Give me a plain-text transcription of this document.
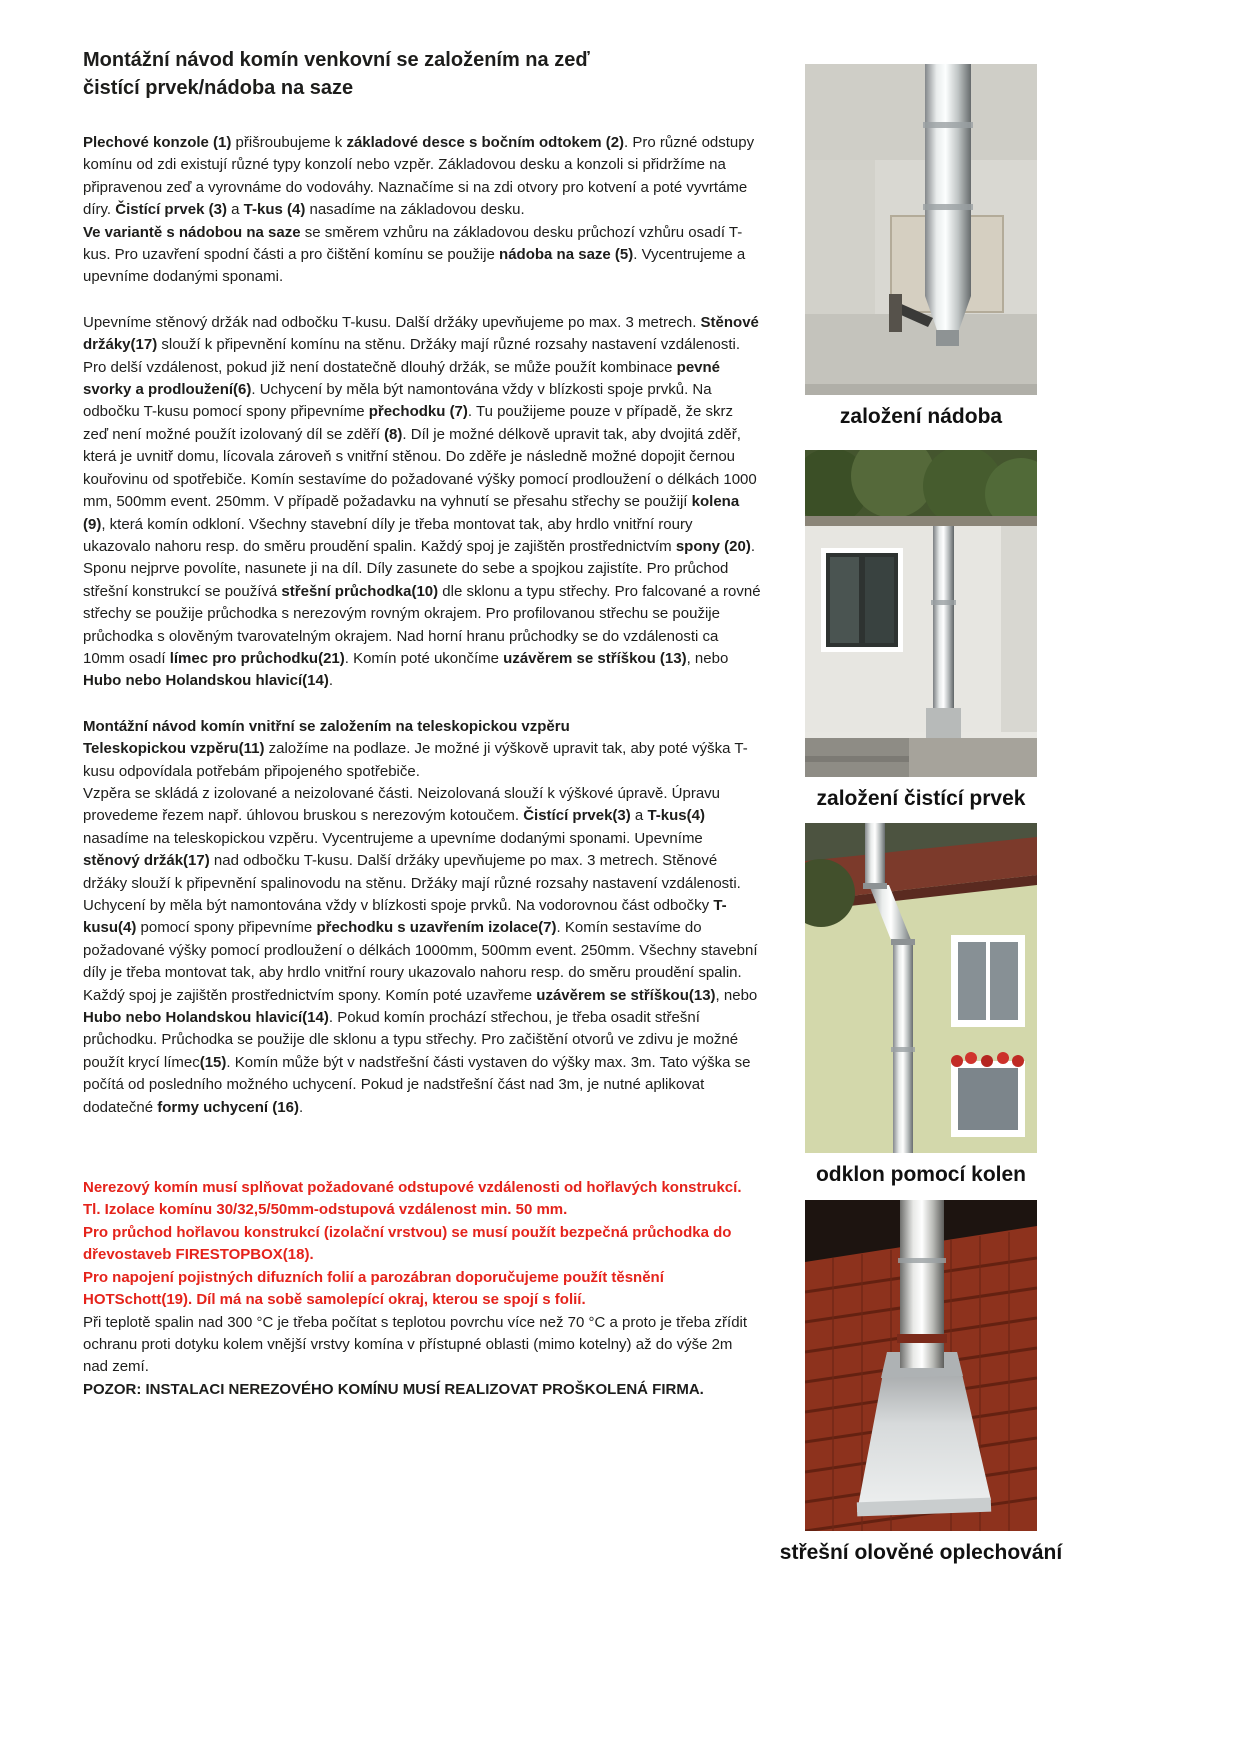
Montážní návod komín venkovní se založením na zeď
čistící prvek/nádoba na saze

Plechové konzole (1) přišroubujeme k základové desce s bočním odtokem (2). Pro různé odstupy komínu od zdi existují různé typy konzolí nebo vzpěr. Základovou desku a konzoli si přidržíme na připravenou zeď a vyrovnáme do vodováhy. Naznačíme si na zdi otvory pro kotvení a poté vyvrtáme díry. Čistící prvek (3) a T-kus (4) nasadíme na základovou desku.
Ve variantě s nádobou na saze se směrem vzhůru na základovou desku průchozí vzhůru osadí T-kus. Pro uzavření spodní části a pro čištění komínu se použije nádoba na saze (5). Vycentrujeme a upevníme dodanými sponami.

Upevníme stěnový držák nad odbočku T-kusu. Další držáky upevňujeme po max. 3 metrech. Stěnové držáky(17) slouží k připevnění komínu na stěnu. Držáky mají různé rozsahy nastavení vzdálenosti. Pro delší vzdálenost, pokud již není dostatečně dlouhý držák, se může použít kombinace pevné svorky a prodloužení(6). Uchycení by měla být namontována vždy v blízkosti spoje prvků. Na odbočku T-kusu pomocí spony připevníme přechodku (7). Tu použijeme pouze v případě, že skrz zeď není možné použít izolovaný díl se zděří (8). Díl je možné délkově upravit tak, aby dvojitá zděř, která je uvnitř domu, lícovala zároveň s vnitřní stěnou. Do zděře je následně možné dopojit černou kouřovinu od spotřebiče. Komín sestavíme do požadované výšky pomocí prodloužení o délkách 1000 mm, 500mm event. 250mm. V případě požadavku na vyhnutí se přesahu střechy se použijí kolena (9), která komín odkloní. Všechny stavební díly je třeba montovat tak, aby hrdlo vnitřní roury ukazovalo nahoru resp. do směru proudění spalin. Každý spoj je zajištěn prostřednictvím spony (20). Sponu nejprve povolíte, nasunete ji na díl. Díly zasunete do sebe a spojkou zajistíte. Pro průchod střešní konstrukcí se používá střešní průchodka(10) dle sklonu a typu střechy. Pro falcované a rovné střechy se použije průchodka s nerezovým rovným okrajem. Pro profilovanou střechu se použije průchodka s olověným tvarovatelným okrajem. Nad horní hranu průchodky se do vzdálenosti ca 10mm osadí límec pro průchodku(21). Komín poté ukončíme uzávěrem se stříškou (13), nebo Hubo nebo Holandskou hlavicí(14).

Montážní návod komín vnitřní se založením na teleskopickou vzpěru
Teleskopickou vzpěru(11) založíme na podlaze. Je možné ji výškově upravit tak, aby poté výška T-kusu odpovídala potřebám připojeného spotřebiče.
Vzpěra se skládá z izolované a neizolované části. Neizolovaná slouží k výškové úpravě. Úpravu provedeme řezem např. úhlovou bruskou s nerezovým kotoučem. Čistící prvek(3) a T-kus(4) nasadíme na teleskopickou vzpěru. Vycentrujeme a upevníme dodanými sponami. Upevníme stěnový držák(17) nad odbočku T-kusu. Další držáky upevňujeme po max. 3 metrech. Stěnové držáky slouží k připevnění spalinovodu na stěnu. Držáky mají různé rozsahy nastavení vzdálenosti. Uchycení by měla být namontována vždy v blízkosti spoje prvků. Na vodorovnou část odbočky T-kusu(4) pomocí spony připevníme přechodku s uzavřením izolace(7). Komín sestavíme do požadované výšky pomocí prodloužení o délkách 1000mm, 500mm event. 250mm. Všechny stavební díly je třeba montovat tak, aby hrdlo vnitřní roury ukazovalo nahoru resp. do směru proudění spalin. Každý spoj je zajištěn prostřednictvím spony. Komín poté uzavřeme uzávěrem se stříškou(13), nebo Hubo nebo Holandskou hlavicí(14). Pokud komín prochází střechou, je třeba osadit střešní průchodku. Průchodka se použije dle sklonu a typu střechy. Pro začištění otvorů ve zdivu je možné použít krycí límec(15). Komín může být v nadstřešní části vystaven do výšky max. 3m. Tato výška se počítá od posledního možného uchycení. Pokud je nadstřešní část nad 3m, je nutné aplikovat dodatečné formy uchycení (16).

Nerezový komín musí splňovat požadované odstupové vzdálenosti od hořlavých konstrukcí.
Tl. Izolace komínu 30/32,5/50mm-odstupová vzdálenost min. 50 mm.
Pro průchod hořlavou konstrukcí (izolační vrstvou) se musí použít bezpečná průchodka do dřevostaveb FIRESTOPBOX(18).
Pro napojení pojistných difuzních folií a parozábran doporučujeme použít těsnění HOTSchott(19). Díl má na sobě samolepící okraj, kterou se spojí s folií.

Při teplotě spalin nad 300 °C je třeba počítat s teplotou povrchu více než 70 °C a proto je třeba zřídit ochranu proti dotyku kolem vnější vrstvy komína v přístupné oblasti (mimo kotelny) až do výše 2m nad zemí.
POZOR: INSTALACI NEREZOVÉHO KOMÍNU MUSÍ REALIZOVAT PROŠKOLENÁ FIRMA.

založení nádoba
založení čistící prvek
odklon pomocí kolen
střešní olověné oplechování
